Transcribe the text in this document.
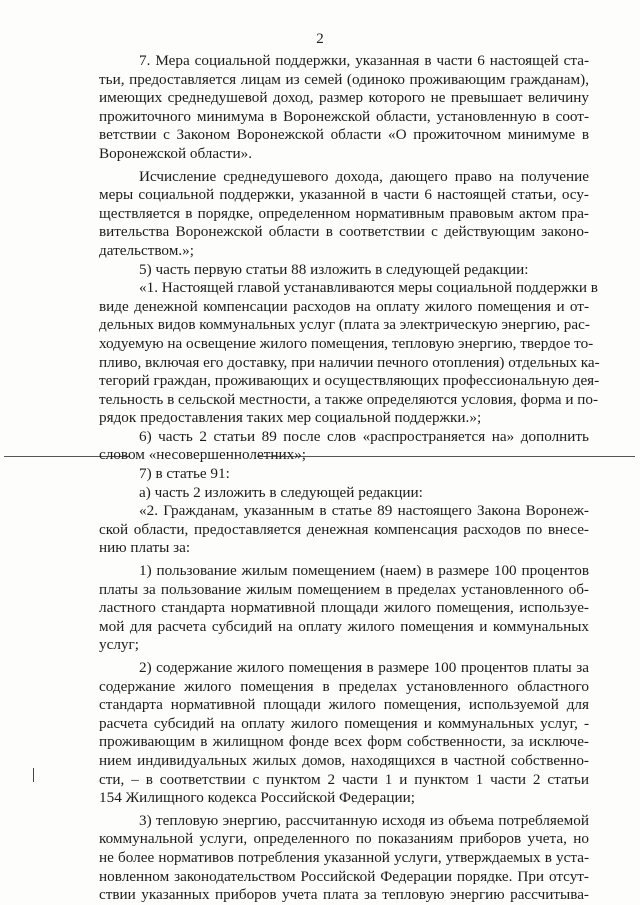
2
7. Мера социальной поддержки, указанная в части 6 настоящей ста-
тьи, предоставляется лицам из семей (одиноко проживающим гражданам),
имеющих среднедушевой доход, размер которого не превышает величину
прожиточного минимума в Воронежской области, установленную в соот-
ветствии с Законом Воронежской области «О прожиточном минимуме в
Воронежской области».
Исчисление среднедушевого дохода, дающего право на получение
меры социальной поддержки, указанной в части 6 настоящей статьи, осу-
ществляется в порядке, определенном нормативным правовым актом пра-
вительства Воронежской области в соответствии с действующим законо-
дательством.»;
5) часть первую статьи 88 изложить в следующей редакции:
«1. Настоящей главой устанавливаются меры социальной поддержки в
виде денежной компенсации расходов на оплату жилого помещения и от-
дельных видов коммунальных услуг (плата за электрическую энергию, рас-
ходуемую на освещение жилого помещения, тепловую энергию, твердое то-
пливо, включая его доставку, при наличии печного отопления) отдельных ка-
тегорий граждан, проживающих и осуществляющих профессиональную дея-
тельность в сельской местности, а также определяются условия, форма и по-
рядок предоставления таких мер социальной поддержки.»;
6) часть 2 статьи 89 после слов «распространяется на» дополнить
словом «несовершеннолетних»;
7) в статье 91:
а) часть 2 изложить в следующей редакции:
«2. Гражданам, указанным в статье 89 настоящего Закона Воронеж-
ской области, предоставляется денежная компенсация расходов по внесе-
нию платы за:
1) пользование жилым помещением (наем) в размере 100 процентов
платы за пользование жилым помещением в пределах установленного об-
ластного стандарта нормативной площади жилого помещения, используе-
мой для расчета субсидий на оплату жилого помещения и коммунальных
услуг;
2) содержание жилого помещения в размере 100 процентов платы за
содержание жилого помещения в пределах установленного областного
стандарта нормативной площади жилого помещения, используемой для
расчета субсидий на оплату жилого помещения и коммунальных услуг, -
проживающим в жилищном фонде всех форм собственности, за исключе-
нием индивидуальных жилых домов, находящихся в частной собственно-
сти, – в соответствии с пунктом 2 части 1 и пунктом 1 части 2 статьи
154 Жилищного кодекса Российской Федерации;
3) тепловую энергию, рассчитанную исходя из объема потребляемой
коммунальной услуги, определенного по показаниям приборов учета, но
не более нормативов потребления указанной услуги, утверждаемых в уста-
новленном законодательством Российской Федерации порядке. При отсут-
ствии указанных приборов учета плата за тепловую энергию рассчитыва-
